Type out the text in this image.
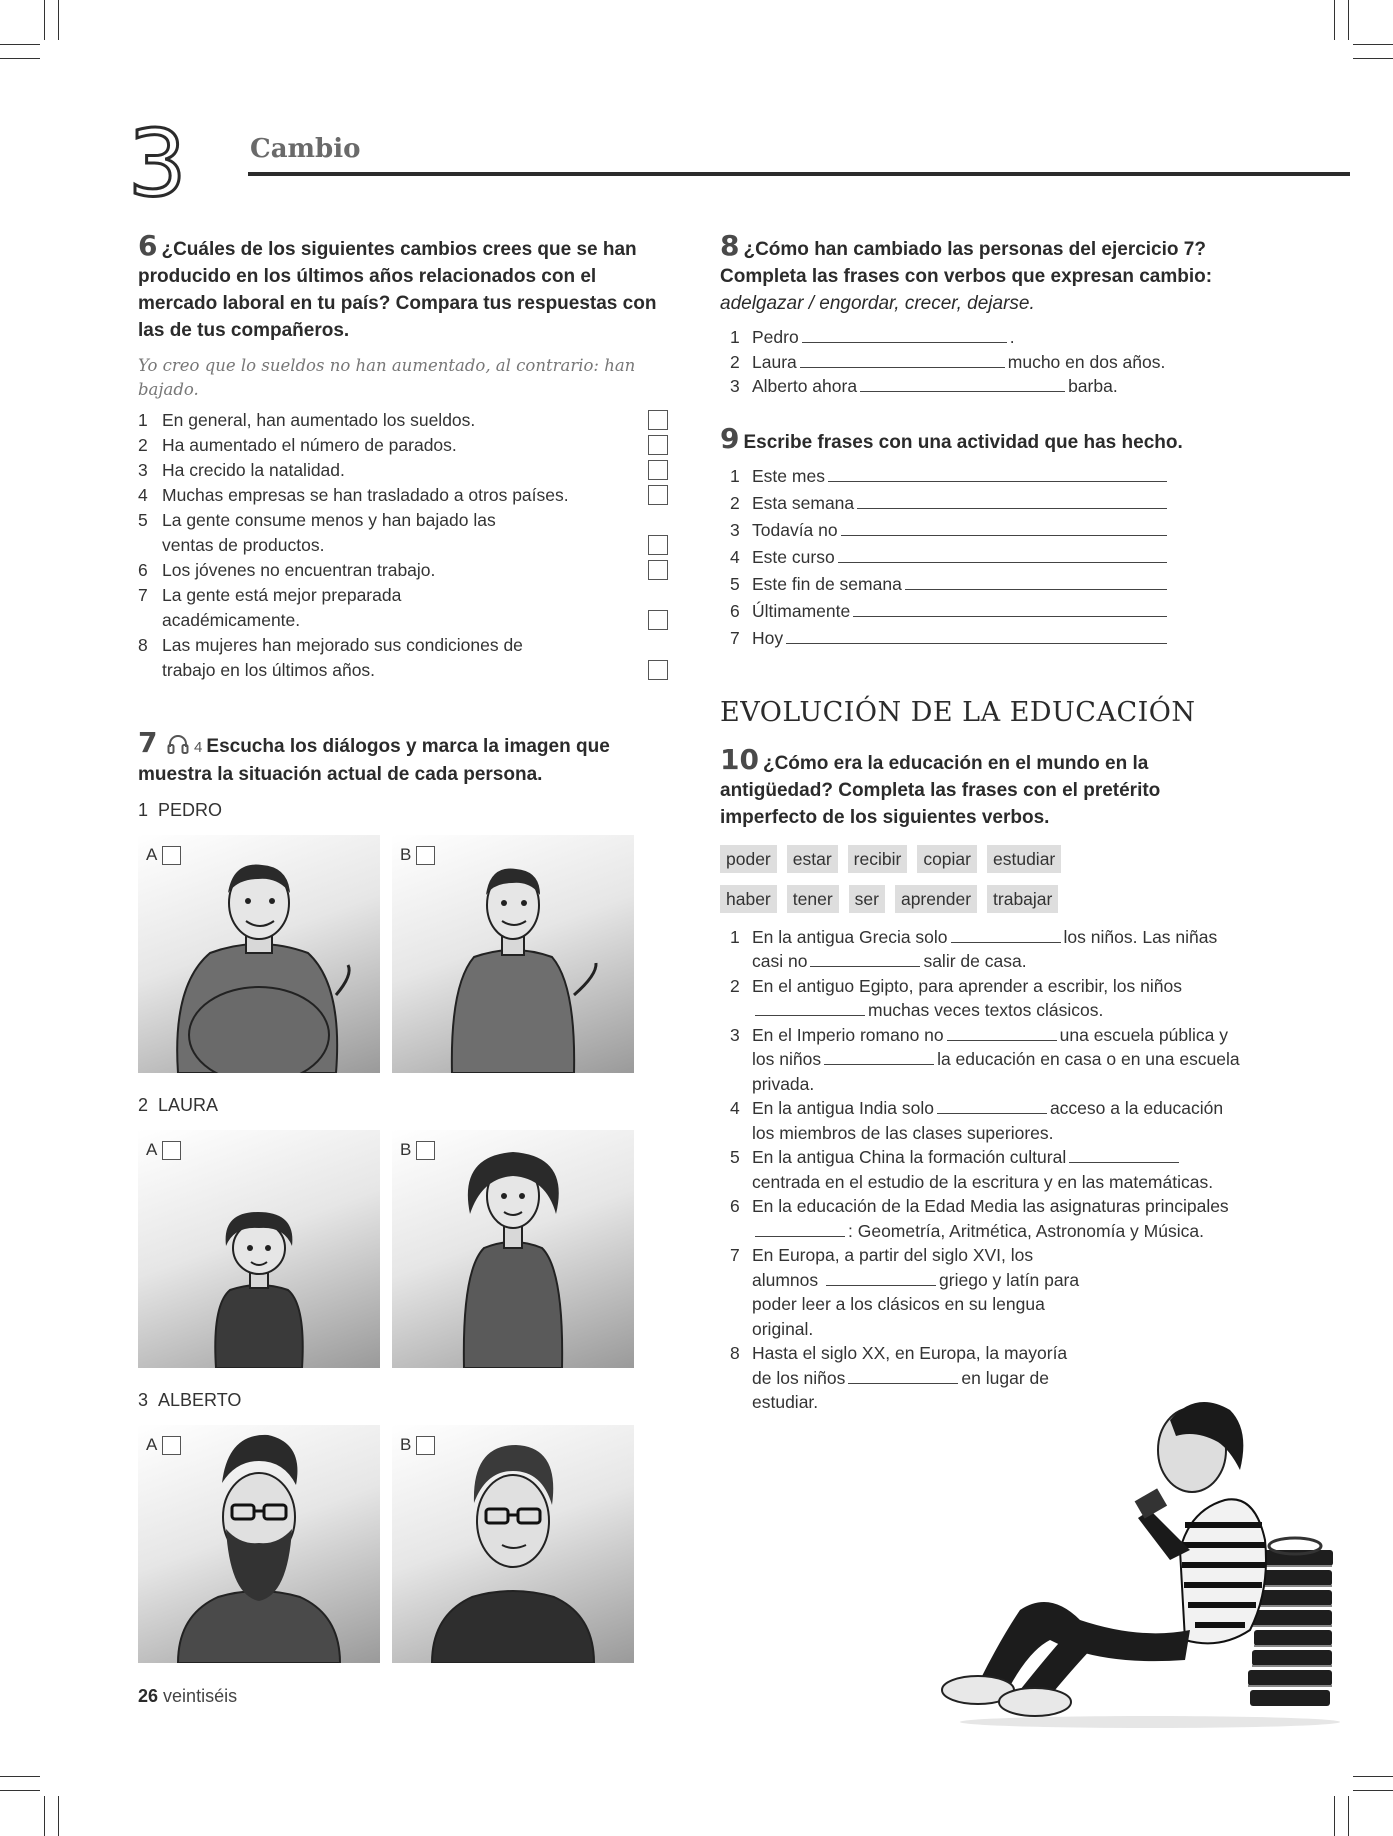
3 Cambio
6 ¿Cuáles de los siguientes cambios crees que se han producido en los últimos años relacionados con el mercado laboral en tu país? Compara tus respuestas con las de tus compañeros.
Yo creo que lo sueldos no han aumentado, al contrario: han bajado.
1 En general, han aumentado los sueldos.
2 Ha aumentado el número de parados.
3 Ha crecido la natalidad.
4 Muchas empresas se han trasladado a otros países.
5 La gente consume menos y han bajado las ventas de productos.
6 Los jóvenes no encuentran trabajo.
7 La gente está mejor preparada académicamente.
8 Las mujeres han mejorado sus condiciones de trabajo en los últimos años.
7 4 Escucha los diálogos y marca la imagen que muestra la situación actual de cada persona.
1 PEDRO
A	B
2 LAURA
A	B
3 ALBERTO
A	B
8 ¿Cómo han cambiado las personas del ejercicio 7? Completa las frases con verbos que expresan cambio: adelgazar / engordar, crecer, dejarse.
1 Pedro	.
2 Laura	mucho en dos años.
3 Alberto ahora	barba.
9 Escribe frases con una actividad que has hecho.
1 Este mes
2 Esta semana
3 Todavía no
4 Este curso
5 Este fin de semana
6 Últimamente
7 Hoy
EVOLUCIÓN DE LA EDUCACIÓN
10 ¿Cómo era la educación en el mundo en la antigüedad? Completa las frases con el pretérito imperfecto de los siguientes verbos.
poder	estar	recibir	copiar	estudiar
haber	tener	ser	aprender	trabajar
1 En la antigua Grecia solo	los niños. Las niñas casi no	salir de casa.
2 En el antiguo Egipto, para aprender a escribir, los niños muchas veces textos clásicos.
3 En el Imperio romano no	una escuela pública y los niños	la educación en casa o en una escuela privada.
4 En la antigua India solo	acceso a la educación los miembros de las clases superiores.
5 En la antigua China la formación culturalcentrada en el estudio de la escritura y en las matemáticas.
6 En la educación de la Edad Media las asignaturas principales: Geometría, Aritmética, Astronomía y Música.
7 En Europa, a partir del siglo XVI, los alumnos	griego y latín para poder leer a los clásicos en su lengua original.
8 Hasta el siglo XX, en Europa, la mayoría de los niños	en lugar de estudiar.
26 veintiséis
